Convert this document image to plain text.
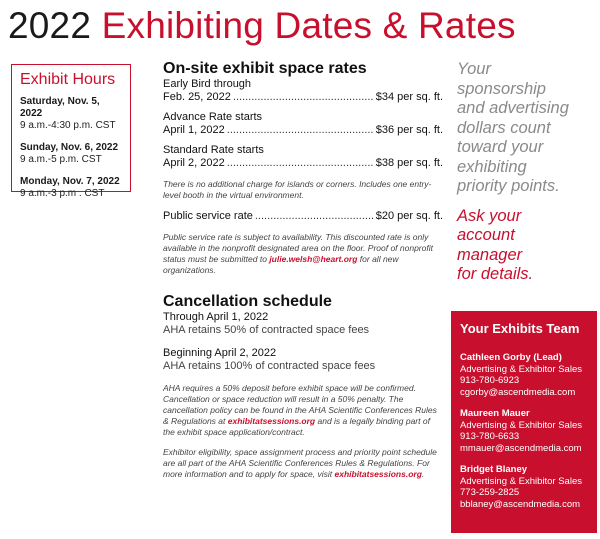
2022 Exhibiting Dates & Rates
Exhibit Hours
Saturday, Nov. 5, 2022
9 a.m.-4:30 p.m. CST
Sunday, Nov. 6, 2022
9 a.m.-5 p.m. CST
Monday, Nov. 7, 2022
9 a.m.-3 p.m . CST
On-site exhibit space rates
Early Bird through
Feb. 25, 2022 .....	$34 per sq. ft.
Advance Rate starts
April 1, 2022 .....	$36 per sq. ft.
Standard Rate starts
April 2, 2022 .....	$38 per sq. ft.
There is no additional charge for islands or corners. Includes one entry-level booth in the virtual environment.
Public service rate .....	$20 per sq. ft.
Public service rate is subject to availability. This discounted rate is only available in the nonprofit designated area on the floor. Proof of nonprofit status must be submitted to julie.welsh@heart.org for all new organizations.
Cancellation schedule
Through April 1, 2022
AHA retains 50% of contracted space fees
Beginning April 2, 2022
AHA retains 100% of contracted space fees
AHA requires a 50% deposit before exhibit space will be confirmed. Cancellation or space reduction will result in a 50% penalty. The cancellation policy can be found in the AHA Scientific Conferences Rules & Regulations at exhibitatsessions.org and is a legally binding part of the exhibit space application/contract.
Exhibitor eligibility, space assignment process and priority point schedule are all part of the AHA Scientific Conferences Rules & Regulations. For more information and to apply for space, visit exhibitatsessions.org.
Your
sponsorship
and advertising
dollars count
toward your
exhibiting
priority points.
Ask your
account
manager
for details.
Your Exhibits Team
Cathleen Gorby (Lead)
Advertising & Exhibitor Sales
913-780-6923
cgorby@ascendmedia.com
Maureen Mauer
Advertising & Exhibitor Sales
913-780-6633
mmauer@ascendmedia.com
Bridget Blaney
Advertising & Exhibitor Sales
773-259-2825
bblaney@ascendmedia.com
